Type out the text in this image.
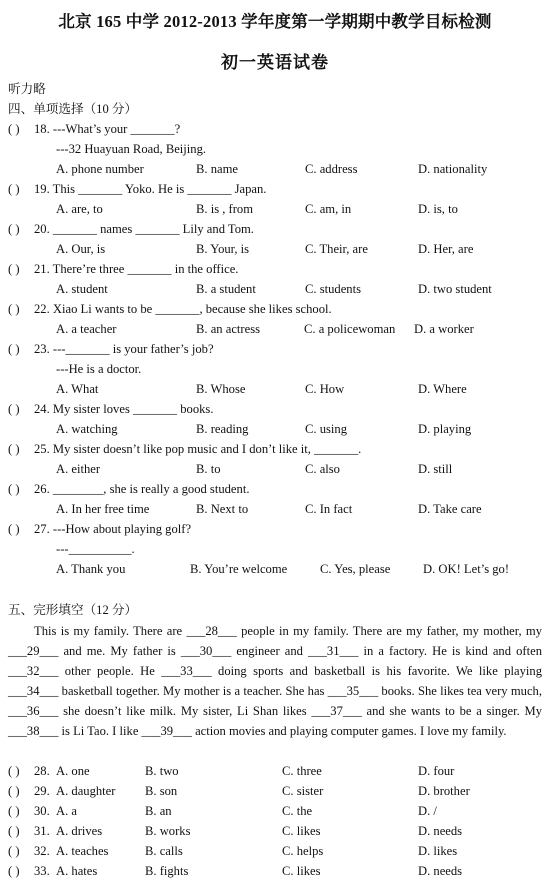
北京 165 中学 2012-2013 学年度第一学期期中教学目标检测
初一英语试卷
听力略
四、单项选择（10 分）
( ) 18. ---What’s your _______?
---32 Huayuan Road, Beijing.
A. phone number	B. name	C. address	D. nationality
( ) 19. This _______ Yoko. He is _______ Japan.
A. are, to	B. is , from	C. am, in	D. is, to
( ) 20. _______ names _______ Lily and Tom.
A. Our, is	B. Your, is	C. Their, are	D. Her, are
( ) 21. There’re three _______ in the office.
A. student	B. a student	C. students	D. two student
( ) 22. Xiao Li wants to be _______, because she likes school.
A. a teacher	B. an actress	C. a policewoman D. a worker
( ) 23. ---_______ is your father’s job?
---He is a doctor.
A. What	B. Whose	C. How	D. Where
( ) 24. My sister loves _______ books.
A. watching	B. reading	C. using	D. playing
( ) 25. My sister doesn’t like pop music and I don’t like it, _______.
A. either	B. to	C. also	D. still
( ) 26. ________, she is really a good student.
A. In her free time	B. Next to	C. In fact	D. Take care
( ) 27. ---How about playing golf?
---__________.
A. Thank you	B. You’re welcome	C. Yes, please	D. OK! Let’s go!
五、完形填空（12 分）

This is my family. There are ___28___ people in my family. There are my father, my mother, my ___29___ and me. My father is ___30___ engineer and ___31___ in a factory. He is kind and often ___32___ other people. He ___33___ doing sports and basketball is his favorite. We like playing ___34___ basketball together. My mother is a teacher. She has ___35___ books. She likes tea very much, ___36___ she doesn’t like milk. My sister, Li Shan likes ___37___ and she wants to be a singer. My ___38___ is Li Tao. I like ___39___ action movies and playing computer games. I love my family.

( ) 28. A. one	B. two	C. three	D. four
( ) 29. A. daughter B. son	C. sister	D. brother
( ) 30. A. a	B. an	C. the	D. /
( ) 31. A. drives	B. works	C. likes	D. needs
( ) 32. A. teaches	B. calls	C. helps	D. likes
( ) 33. A. hates	B. fights	C. likes	D. needs
